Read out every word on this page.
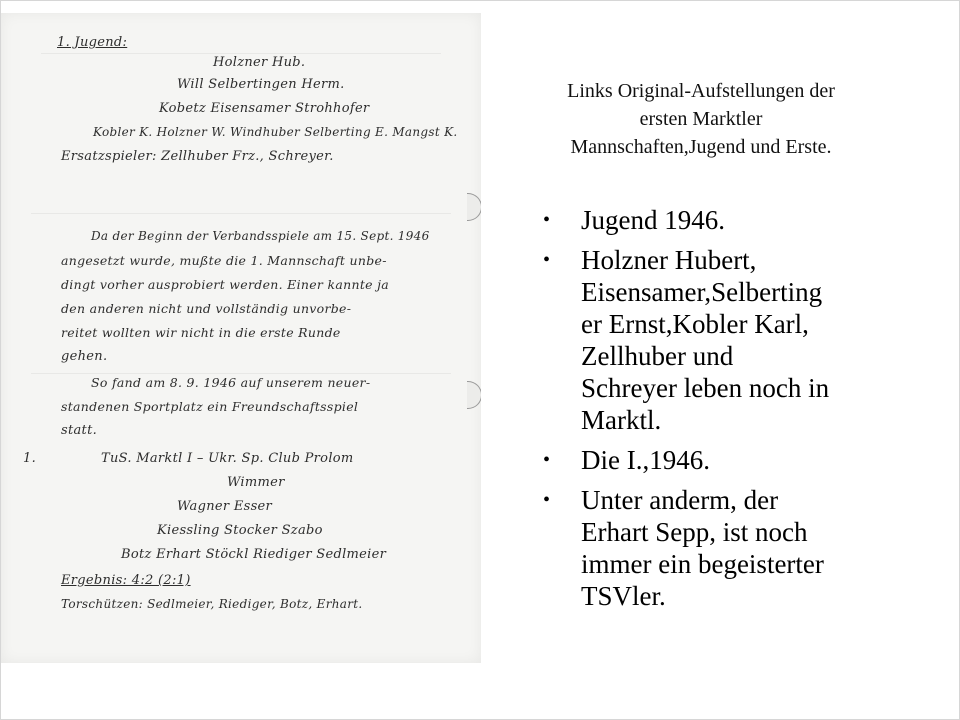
1. Jugend:
Holzner Hub.
Will Selbertingen Herm.
Kobetz Eisensamer Strohhofer
Kobler K. Holzner W. Windhuber Selberting E. Mangst K.
Ersatzspieler: Zellhuber Frz., Schreyer.
Da der Beginn der Verbandsspiele am 15. Sept. 1946
angesetzt wurde, mußte die 1. Mannschaft unbe-
dingt vorher ausprobiert werden. Einer kannte ja
den anderen nicht und vollständig unvorbe-
reitet wollten wir nicht in die erste Runde
gehen.
So fand am 8. 9. 1946 auf unserem neuer-
standenen Sportplatz ein Freundschaftsspiel
statt.
1.	TuS. Marktl I – Ukr. Sp. Club Prolom
Wimmer
Wagner Esser
Kiessling Stocker Szabo
Botz Erhart Stöckl Riediger Sedlmeier
Ergebnis: 4:2 (2:1)
Torschützen: Sedlmeier, Riediger, Botz, Erhart.
Links Original-Aufstellungen der
ersten Marktler
Mannschaften,Jugend und Erste.
• Jugend 1946.
• Holzner Hubert,
Eisensamer,Selberting
er Ernst,Kobler Karl,
Zellhuber und
Schreyer leben noch in
Marktl.
• Die I.,1946.
• Unter anderm, der
Erhart Sepp, ist noch
immer ein begeisterter
TSVler.
